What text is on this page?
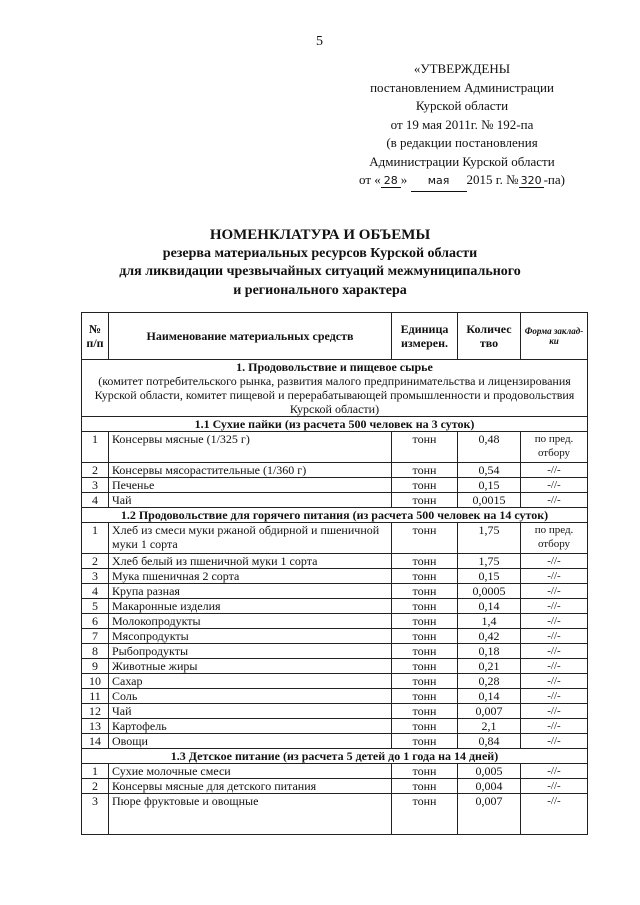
5
«УТВЕРЖДЕНЫ
постановлением Администрации
Курской области
от 19 мая 2011г. № 192-па
(в редакции постановления
Администрации Курской области
от « 28 » мая 2015 г. № 320 -па)
НОМЕНКЛАТУРА И ОБЪЕМЫ
резерва материальных ресурсов Курской области
для ликвидации чрезвычайных ситуаций межмуниципального
и регионального характера
№ п/п	Наименование материальных средств	Единица измерен.	Количес тво	Форма заклад-ки

1. Продовольствие и пищевое сырье
(комитет потребительского рынка, развития малого предпринимательства и лицензирования Курской области, комитет пищевой и перерабатывающей промышленности и продовольствия Курской области)				

1.1 Сухие пайки (из расчета 500 человек на 3 суток)				
1	Консервы мясные (1/325 г)	тонн	0,48	по пред. отбору
2	Консервы мясорастительные (1/360 г)	тонн	0,54	-//-
3	Печенье	тонн	0,15	-//-
4	Чай	тонн	0,0015	-//-
1.2 Продовольствие для горячего питания (из расчета 500 человек на 14 суток)				
1	Хлеб из смеси муки ржаной обдирной и пшеничной муки 1 сорта	тонн	1,75	по пред. отбору
2	Хлеб белый из пшеничной муки 1 сорта	тонн	1,75	-//-
3	Мука пшеничная 2 сорта	тонн	0,15	-//-
4	Крупа разная	тонн	0,0005	-//-
5	Макаронные изделия	тонн	0,14	-//-
6	Молокопродукты	тонн	1,4	-//-
7	Мясопродукты	тонн	0,42	-//-
8	Рыбопродукты	тонн	0,18	-//-
9	Животные жиры	тонн	0,21	-//-
10	Сахар	тонн	0,28	-//-
11	Соль	тонн	0,14	-//-
12	Чай	тонн	0,007	-//-
13	Картофель	тонн	2,1	-//-
14	Овощи	тонн	0,84	-//-
1.3 Детское питание (из расчета 5 детей до 1 года на 14 дней)				
1	Сухие молочные смеси	тонн	0,005	-//-
2	Консервы мясные для детского питания	тонн	0,004	-//-
3	Пюре фруктовые и овощные	тонн	0,007	-//-
